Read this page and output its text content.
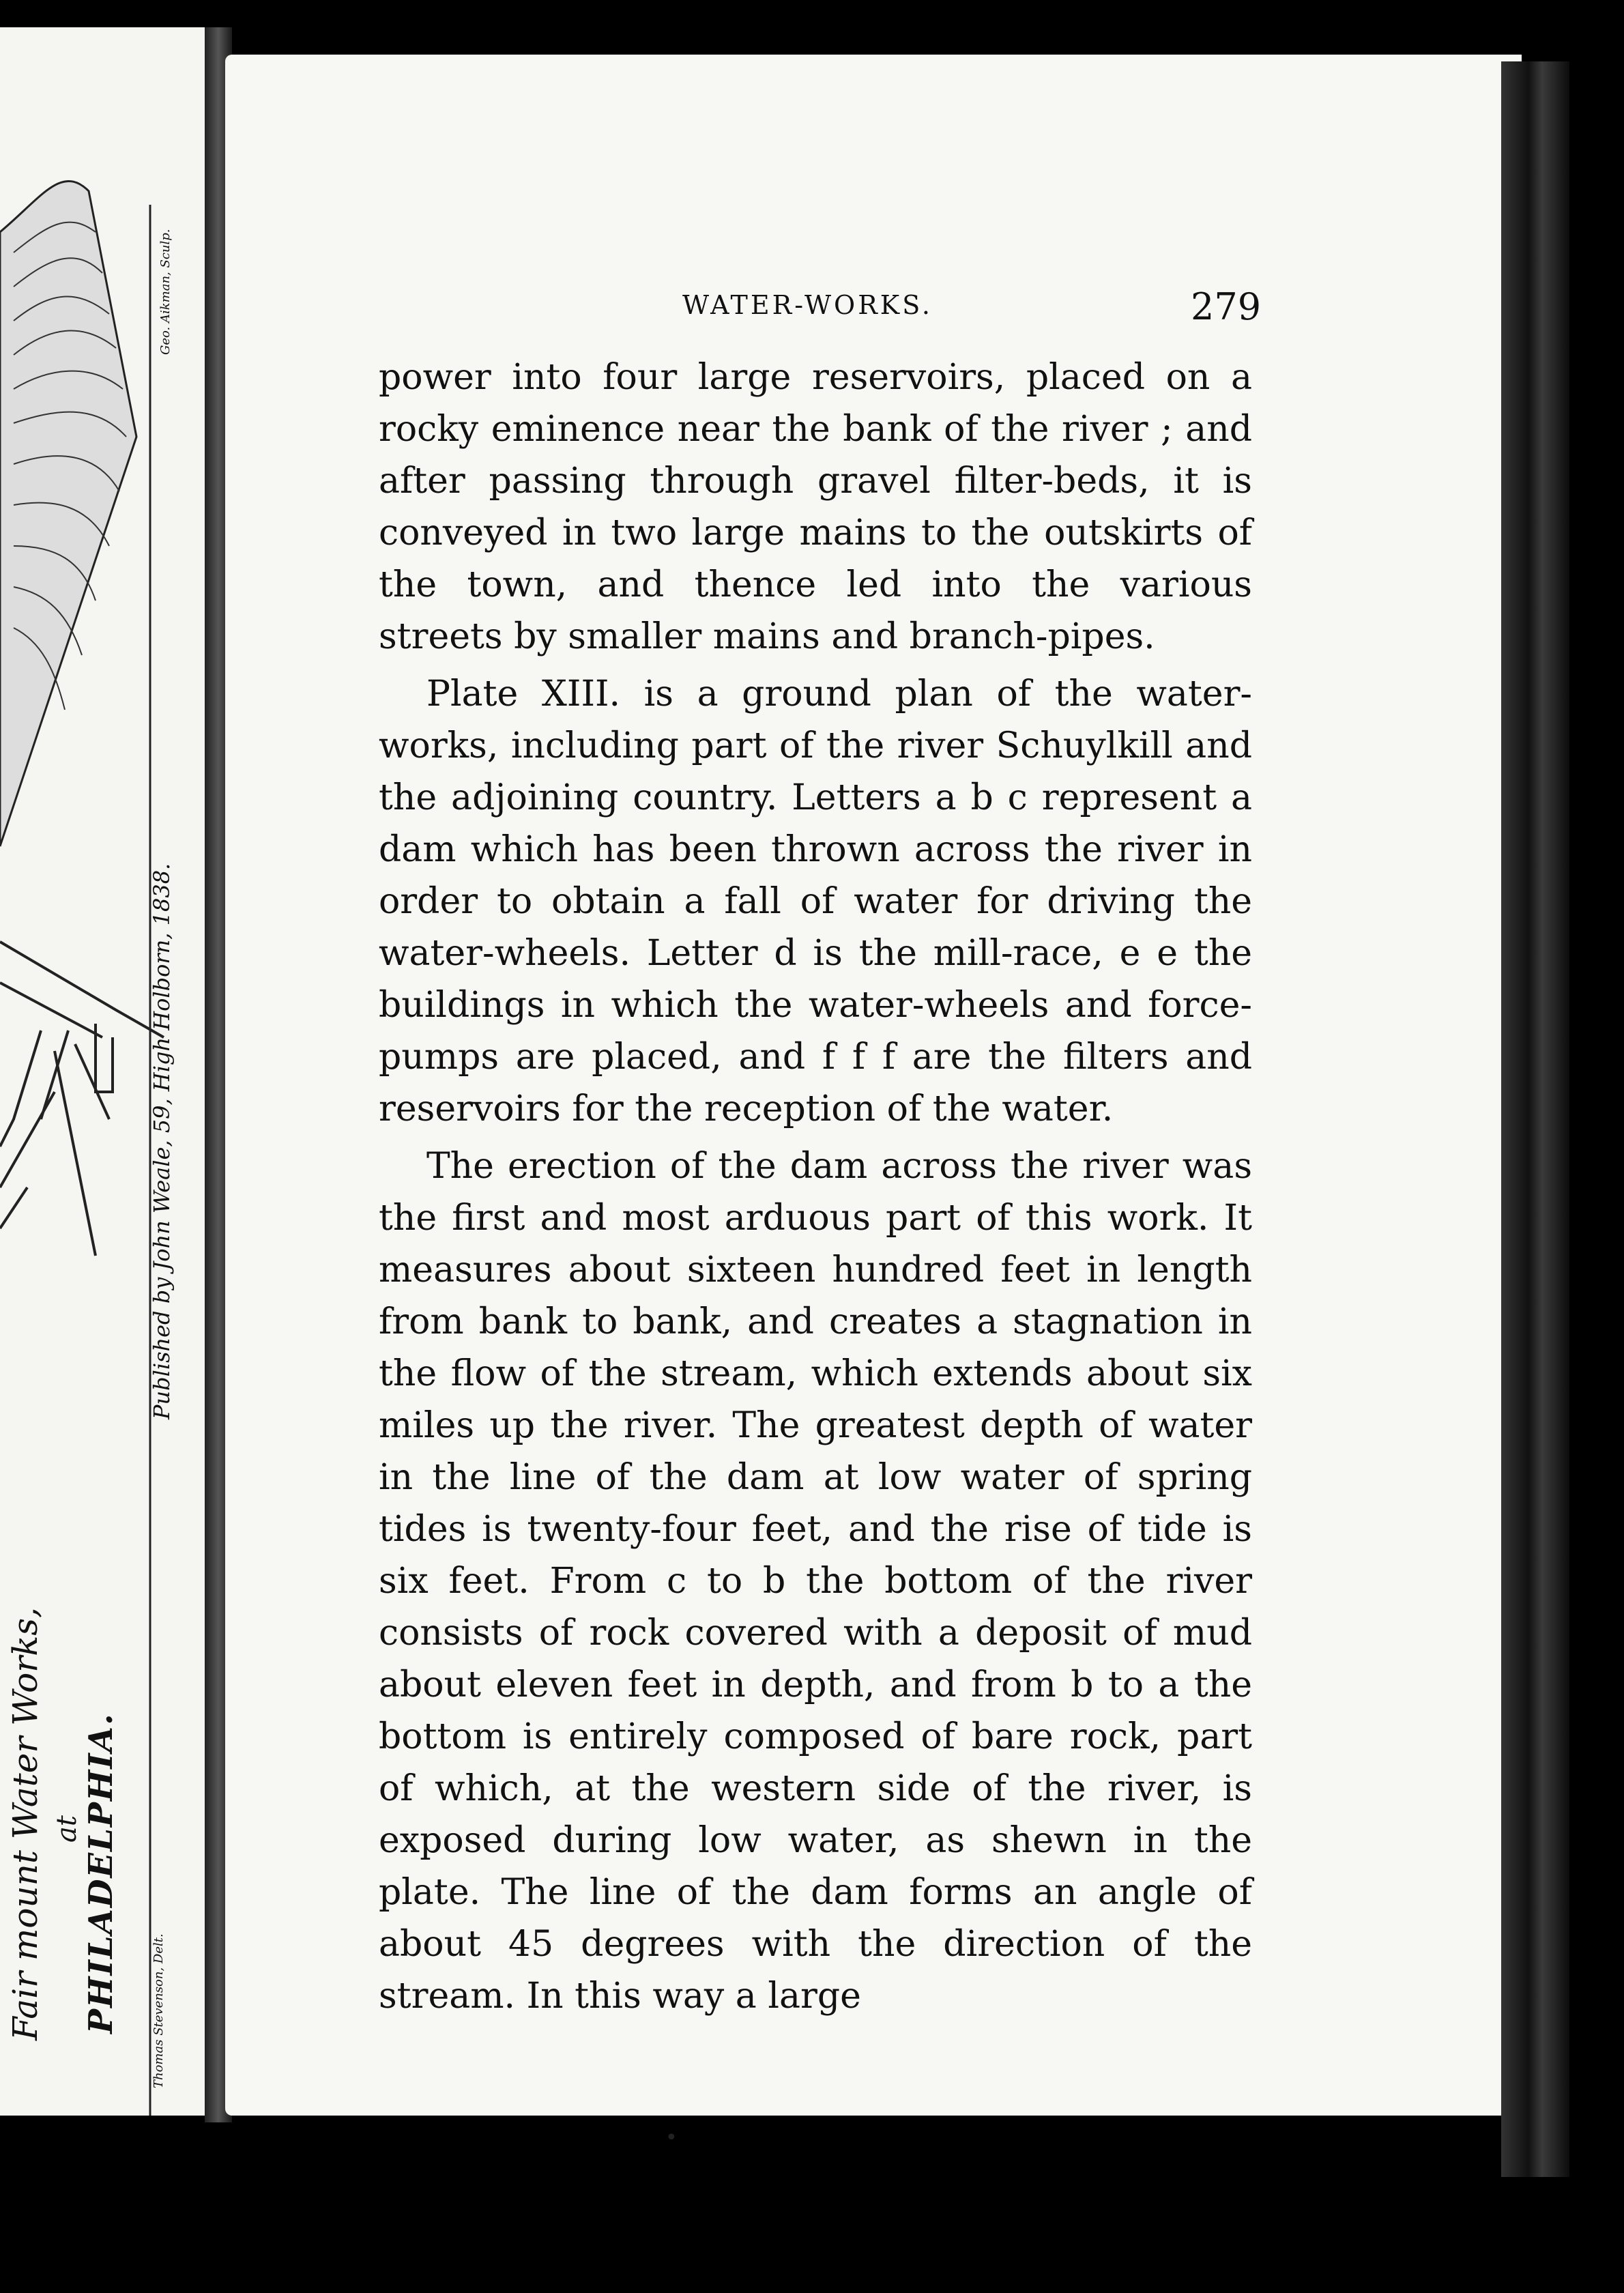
Geo. Aikman, Sculp.
Published by John Weale, 59, High Holborn, 1838.
Fair mount Water Works, at PHILADELPHIA.	Thomas Stevenson, Delt.
WATER-WORKS.	279

power into four large reservoirs, placed on a rocky eminence near the bank of the river ; and after passing through gravel filter-beds, it is conveyed in two large mains to the outskirts of the town, and thence led into the various streets by smaller mains and branch-pipes.

Plate XIII. is a ground plan of the water-works, including part of the river Schuylkill and the adjoining country. Letters a b c represent a dam which has been thrown across the river in order to obtain a fall of water for driving the water-wheels. Letter d is the mill-race, e e the buildings in which the water-wheels and force-pumps are placed, and f f f are the filters and reservoirs for the reception of the water.

The erection of the dam across the river was the first and most arduous part of this work. It measures about sixteen hundred feet in length from bank to bank, and creates a stagnation in the flow of the stream, which extends about six miles up the river. The greatest depth of water in the line of the dam at low water of spring tides is twenty-four feet, and the rise of tide is six feet. From c to b the bottom of the river consists of rock covered with a deposit of mud about eleven feet in depth, and from b to a the bottom is entirely composed of bare rock, part of which, at the western side of the river, is exposed during low water, as shewn in the plate. The line of the dam forms an angle of about 45 degrees with the direction of the stream. In this way a large

•
